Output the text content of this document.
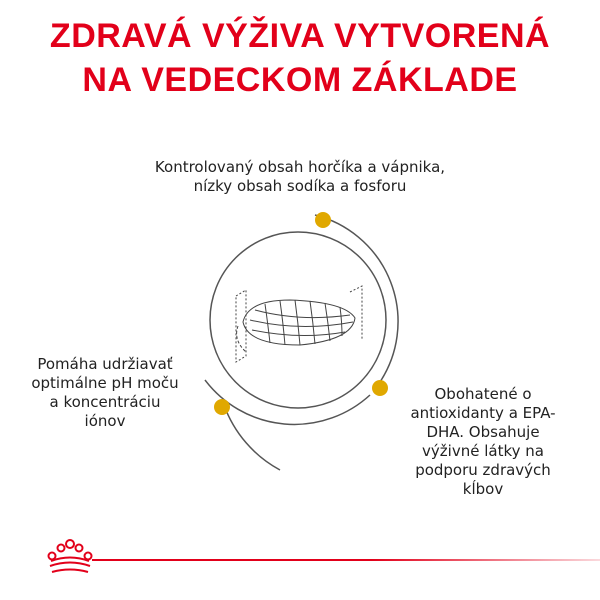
ZDRAVÁ VÝŽIVA VYTVORENÁ
NA VEDECKOM ZÁKLADE
Kontrolovaný obsah horčíka a vápnika,
nízky obsah sodíka a fosforu
Pomáha udržiavať
optimálne pH moču
a koncentráciu
iónov
Obohatené o
antioxidanty a EPA-
DHA. Obsahuje
výživné látky na
podporu zdravých
kĺbov
